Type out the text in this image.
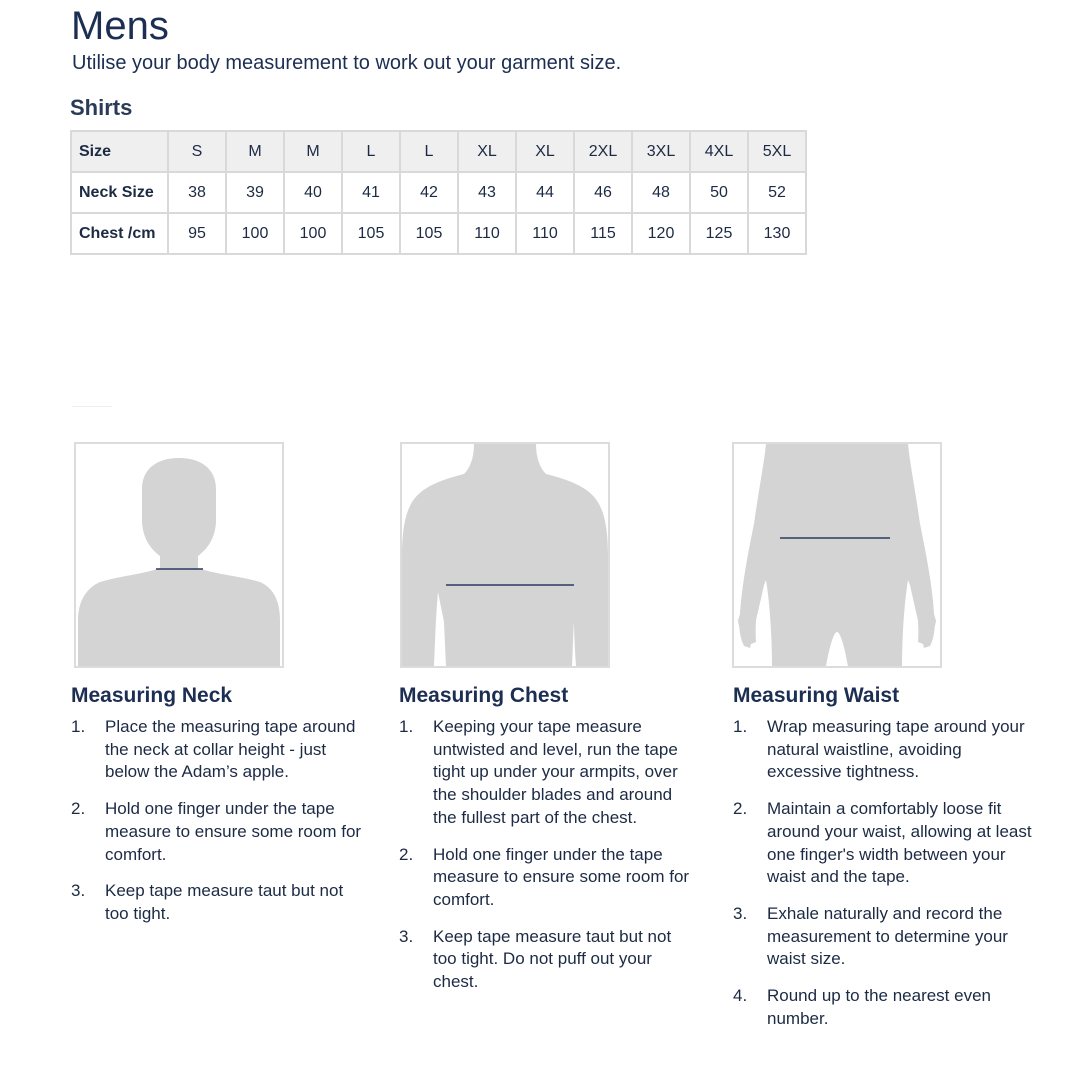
Mens
Utilise your body measurement to work out your garment size.
Shirts
Size	S	M	M	L	L	XL	XL	2XL	3XL	4XL	5XL
Neck Size	38	39	40	41	42	43	44	46	48	50	52
Chest /cm	95	100	100	105	105	110	110	115	120	125	130
Measuring Neck
1. Place the measuring tape around the neck at collar height - just below the Adam’s apple.
2. Hold one finger under the tape measure to ensure some room for comfort.
3. Keep tape measure taut but not too tight.
Measuring Chest
1. Keeping your tape measure untwisted and level, run the tape tight up under your armpits, over the shoulder blades and around the fullest part of the chest.
2. Hold one finger under the tape measure to ensure some room for comfort.
3. Keep tape measure taut but not too tight. Do not puff out your chest.
Measuring Waist
1. Wrap measuring tape around your natural waistline, avoiding excessive tightness.
2. Maintain a comfortably loose fit around your waist, allowing at least one finger's width between your waist and the tape.
3. Exhale naturally and record the measurement to determine your waist size.
4. Round up to the nearest even number.
